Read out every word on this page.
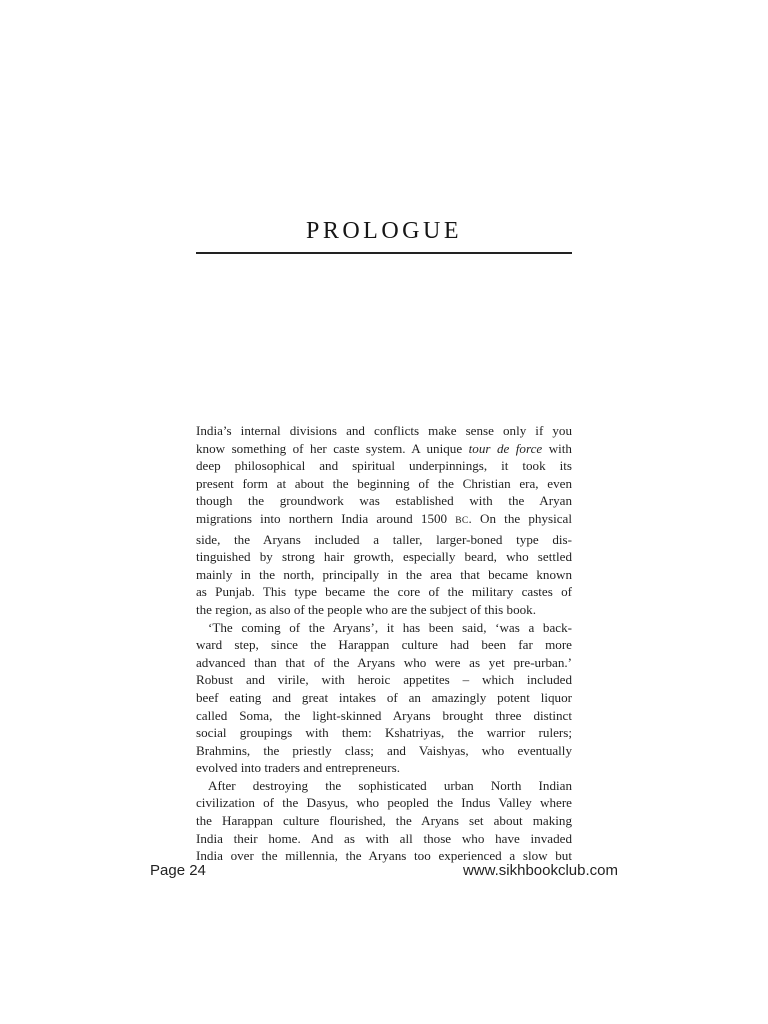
PROLOGUE
India’s internal divisions and conflicts make sense only if you
know something of her caste system. A unique tour de force with
deep philosophical and spiritual underpinnings, it took its
present form at about the beginning of the Christian era, even
though the groundwork was established with the Aryan
migrations into northern India around 1500 BC. On the physical
side, the Aryans included a taller, larger-boned type dis-
tinguished by strong hair growth, especially beard, who settled
mainly in the north, principally in the area that became known
as Punjab. This type became the core of the military castes of
the region, as also of the people who are the subject of this book.
‘The coming of the Aryans’, it has been said, ‘was a back-
ward step, since the Harappan culture had been far more
advanced than that of the Aryans who were as yet pre-urban.’
Robust and virile, with heroic appetites – which included
beef eating and great intakes of an amazingly potent liquor
called Soma, the light-skinned Aryans brought three distinct
social groupings with them: Kshatriyas, the warrior rulers;
Brahmins, the priestly class; and Vaishyas, who eventually
evolved into traders and entrepreneurs.
After destroying the sophisticated urban North Indian
civilization of the Dasyus, who peopled the Indus Valley where
the Harappan culture flourished, the Aryans set about making
India their home. And as with all those who have invaded
India over the millennia, the Aryans too experienced a slow but
Page 24	www.sikhbookclub.com
